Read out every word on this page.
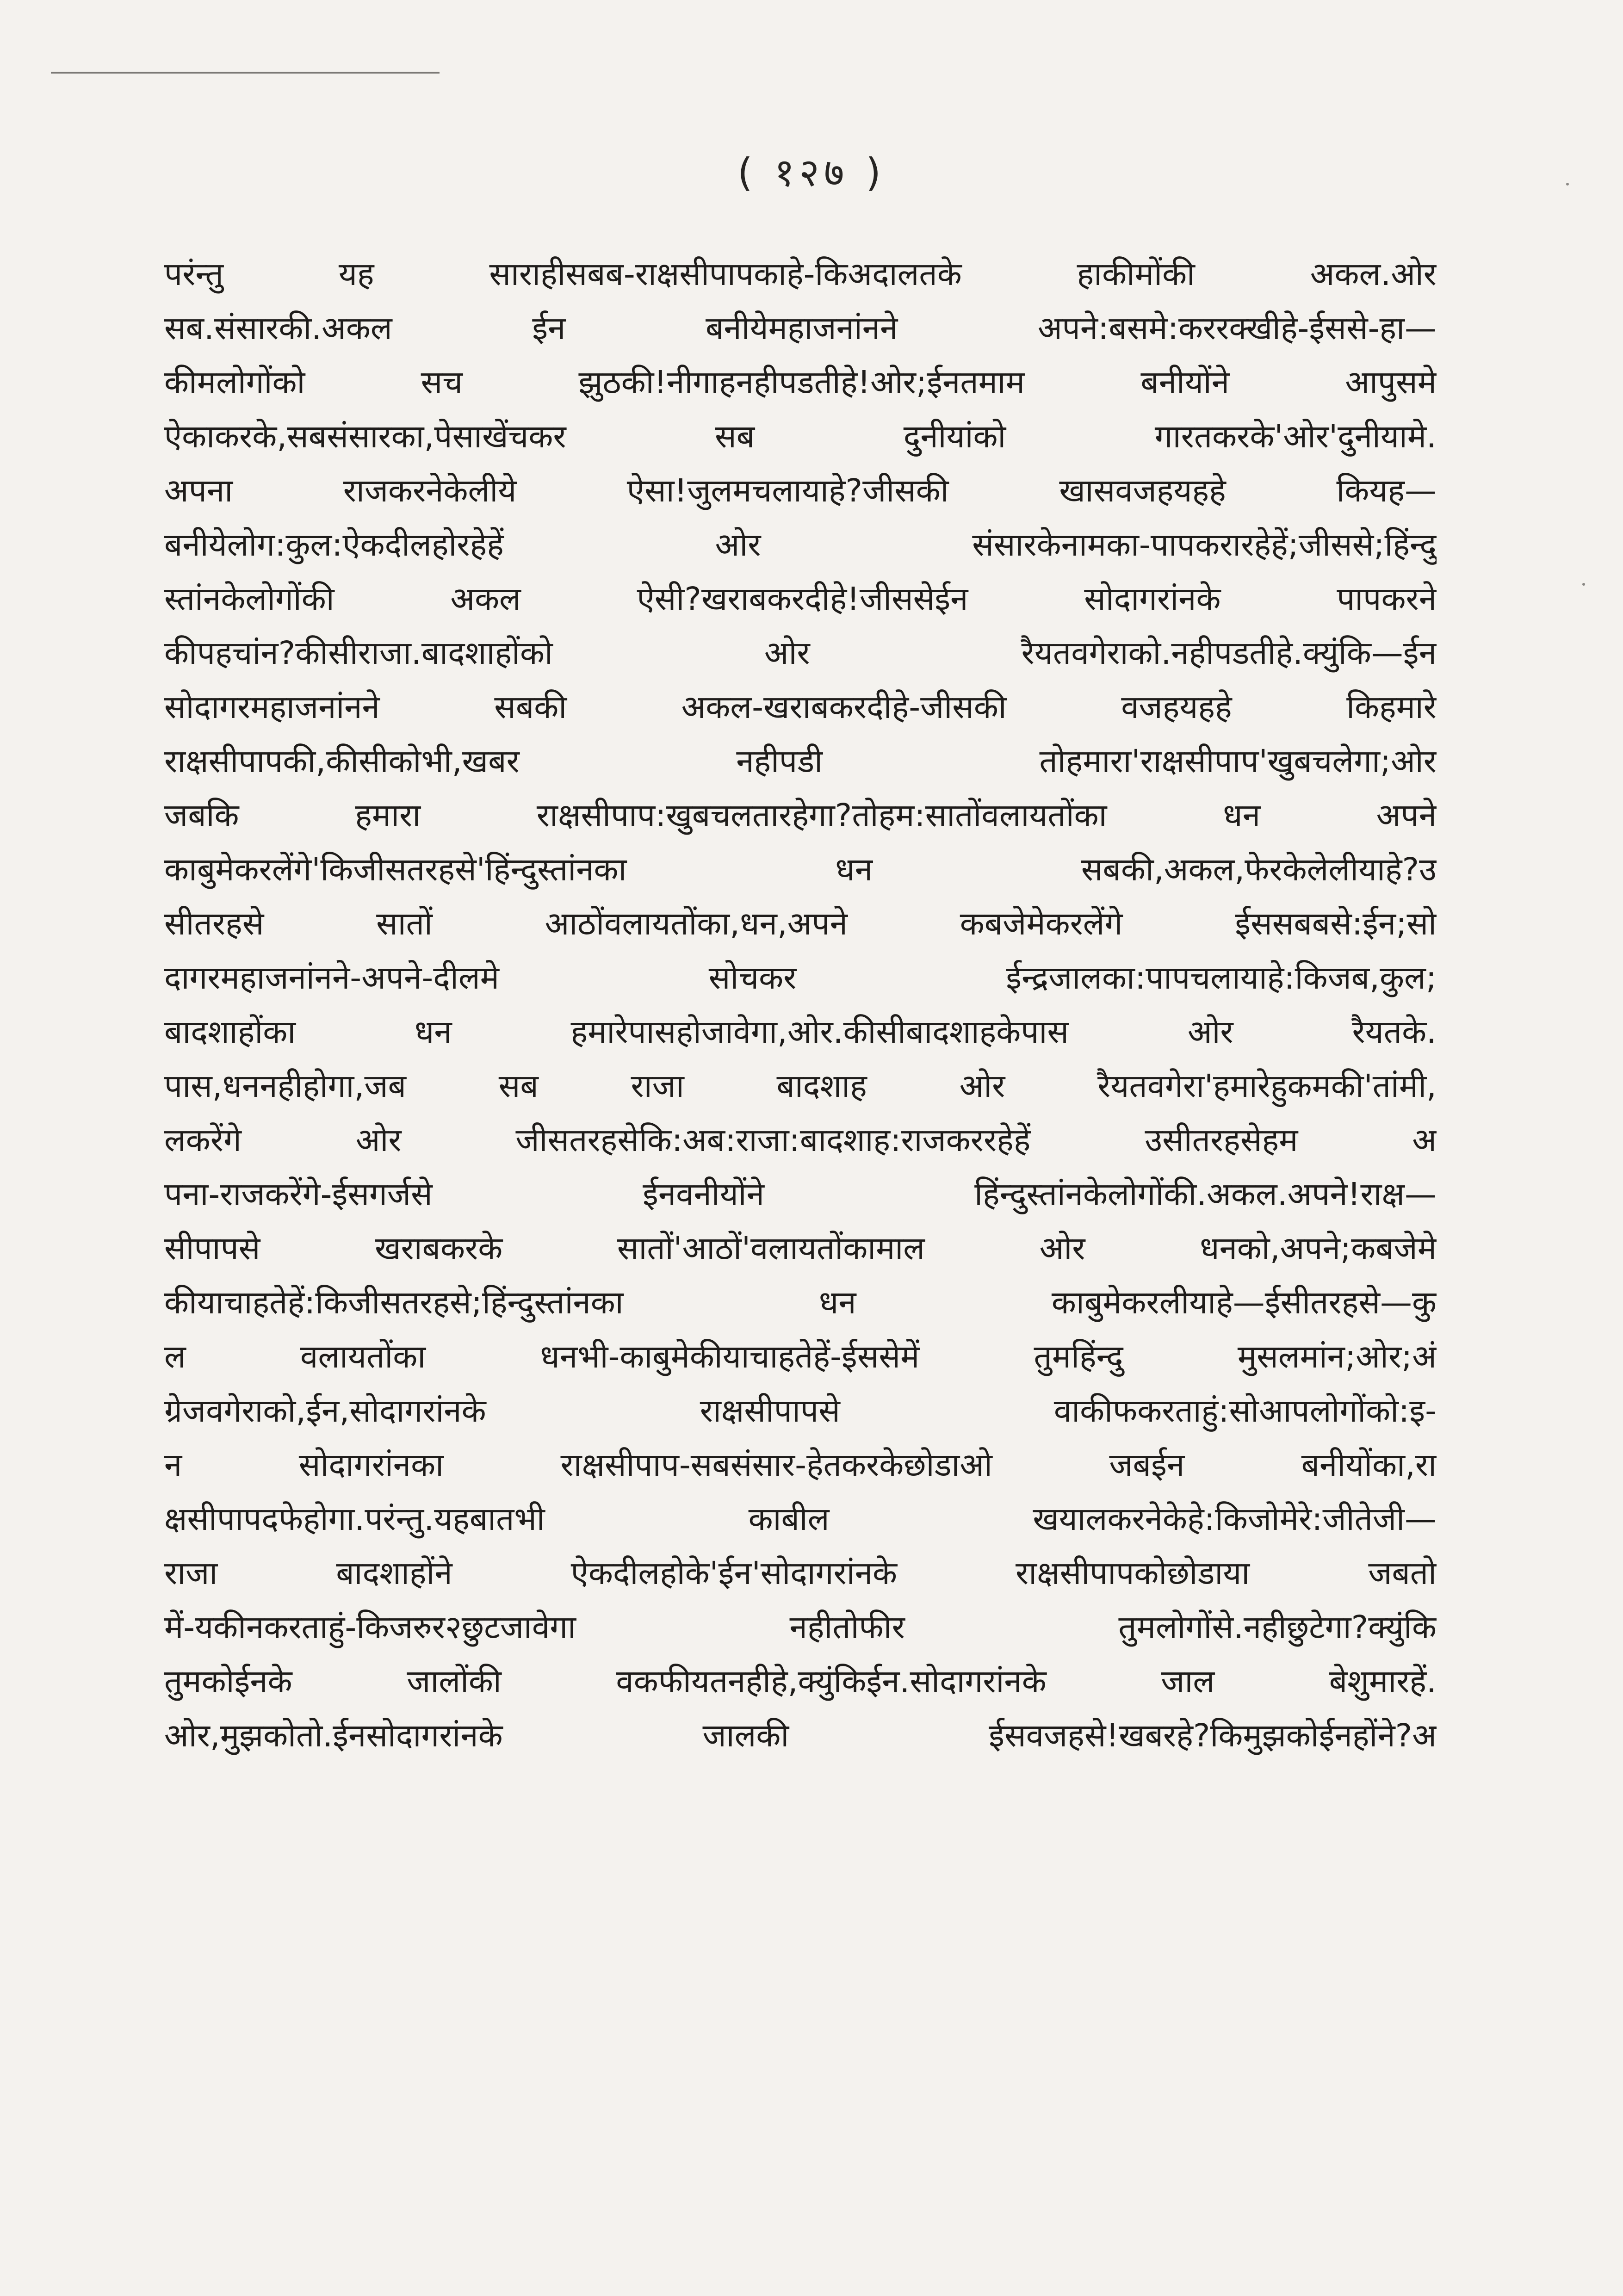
( १२७ )
परंन्तु यह साराहीसबब-राक्षसीपापकाहे-किअदालतके हाकीमोंकी अकल.ओर
सब.संसारकी.अकल ईन बनीयेमहाजनांनने अपने:बसमे:कररक्खीहे-ईससे-हा—
कीमलोगोंको सच झुठकी!नीगाहनहीपडतीहे!ओर;ईनतमाम बनीयोंने आपुसमे
ऐकाकरके,सबसंसारका,पेसाखेंचकर सब दुनीयांको गारतकरके'ओर'दुनीयामे.
अपना राजकरनेकेलीये ऐसा!जुलमचलायाहे?जीसकी खासवजहयहहे कियह—
बनीयेलोग:कुल:ऐकदीलहोरहेहें ओर संसारकेनामका-पापकरारहेहें;जीससे;हिंन्दु
स्तांनकेलोगोंकी अकल ऐसी?खराबकरदीहे!जीससेईन सोदागरांनके पापकरने
कीपहचांन?कीसीराजा.बादशाहोंको ओर रैयतवगेराको.नहीपडतीहे.क्युंकि—ईन
सोदागरमहाजनांनने सबकी अकल-खराबकरदीहे-जीसकी वजहयहहे किहमारे
राक्षसीपापकी,कीसीकोभी,खबर नहीपडी तोहमारा'राक्षसीपाप'खुबचलेगा;ओर
जबकि हमारा राक्षसीपाप:खुबचलतारहेगा?तोहम:सातोंवलायतोंका धन अपने
काबुमेकरलेंगे'किजीसतरहसे'हिंन्दुस्तांनका धन सबकी,अकल,फेरकेलेलीयाहे?उ
सीतरहसे सातों आठोंवलायतोंका,धन,अपने कबजेमेकरलेंगे ईससबबसे:ईन;सो
दागरमहाजनांनने-अपने-दीलमे सोचकर ईन्द्रजालका:पापचलायाहे:किजब,कुल;
बादशाहोंका धन हमारेपासहोजावेगा,ओर.कीसीबादशाहकेपास ओर रैयतके.
पास,धननहीहोगा,जब सब राजा बादशाह ओर रैयतवगेरा'हमारेहुकमकी'तांमी,
लकरेंगे ओर जीसतरहसेकि:अब:राजा:बादशाह:राजकररहेहें उसीतरहसेहम अ
पना-राजकरेंगे-ईसगर्जसे ईनवनीयोंने हिंन्दुस्तांनकेलोगोंकी.अकल.अपने!राक्ष—
सीपापसे खराबकरके सातों'आठों'वलायतोंकामाल ओर धनको,अपने;कबजेमे
कीयाचाहतेहें:किजीसतरहसे;हिंन्दुस्तांनका धन काबुमेकरलीयाहे—ईसीतरहसे—कु
ल वलायतोंका धनभी-काबुमेकीयाचाहतेहें-ईससेमें तुमहिंन्दु मुसलमांन;ओर;अं
ग्रेजवगेराको,ईन,सोदागरांनके राक्षसीपापसे वाकीफकरताहुं:सोआपलोगोंको:इ-
न सोदागरांनका राक्षसीपाप-सबसंसार-हेतकरकेछोडाओ जबईन बनीयोंका,रा
क्षसीपापदफेहोगा.परंन्तु.यहबातभी काबील खयालकरनेकेहे:किजोमेरे:जीतेजी—
राजा बादशाहोंने ऐकदीलहोके'ईन'सोदागरांनके राक्षसीपापकोछोडाया जबतो
में-यकीनकरताहुं-किजरुर२छुटजावेगा नहीतोफीर तुमलोगोंसे.नहीछुटेगा?क्युंकि
तुमकोईनके जालोंकी वकफीयतनहीहे,क्युंकिईन.सोदागरांनके जाल बेशुमारहें.
ओर,मुझकोतो.ईनसोदागरांनके जालकी ईसवजहसे!खबरहे?किमुझकोईनहोंने?अ
